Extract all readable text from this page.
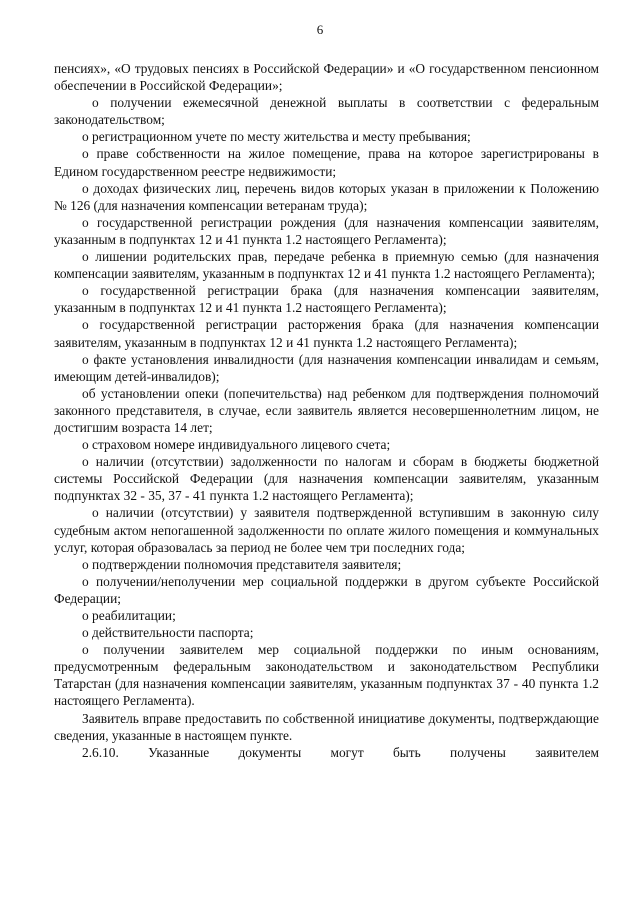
6

пенсиях», «О трудовых пенсиях в Российской Федерации» и «О государственном пенсионном обеспечении в Российской Федерации»;

о получении ежемесячной денежной выплаты в соответствии с федеральным законодательством;

о регистрационном учете по месту жительства и месту пребывания;

о праве собственности на жилое помещение, права на которое зарегистрированы в Едином государственном реестре недвижимости;

о доходах физических лиц, перечень видов которых указан в приложении к Положению № 126 (для назначения компенсации ветеранам труда);

о государственной регистрации рождения (для назначения компенсации заявителям, указанным в подпунктах 12 и 41 пункта 1.2 настоящего Регламента);

о лишении родительских прав, передаче ребенка в приемную семью (для назначения компенсации заявителям, указанным в подпунктах 12 и 41 пункта 1.2 настоящего Регламента);

о государственной регистрации брака (для назначения компенсации заявителям, указанным в подпунктах 12 и 41 пункта 1.2 настоящего Регламента);

о государственной регистрации расторжения брака (для назначения компенсации заявителям, указанным в подпунктах 12 и 41 пункта 1.2 настоящего Регламента);

о факте установления инвалидности (для назначения компенсации инвалидам и семьям, имеющим детей-инвалидов);

об установлении опеки (попечительства) над ребенком для подтверждения полномочий законного представителя, в случае, если заявитель является несовершеннолетним лицом, не достигшим возраста 14 лет;

о страховом номере индивидуального лицевого счета;

о наличии (отсутствии) задолженности по налогам и сборам в бюджеты бюджетной системы Российской Федерации (для назначения компенсации заявителям, указанным подпунктах 32 - 35, 37 - 41 пункта 1.2 настоящего Регламента);

о наличии (отсутствии) у заявителя подтвержденной вступившим в законную силу судебным актом непогашенной задолженности по оплате жилого помещения и коммунальных услуг, которая образовалась за период не более чем три последних года;

о подтверждении полномочия представителя заявителя;

о получении/неполучении мер социальной поддержки в другом субъекте Российской Федерации;

о реабилитации;

о действительности паспорта;

о получении заявителем мер социальной поддержки по иным основаниям, предусмотренным федеральным законодательством и законодательством Республики Татарстан (для назначения компенсации заявителям, указанным подпунктах 37 - 40 пункта 1.2 настоящего Регламента).

Заявитель вправе предоставить по собственной инициативе документы, подтверждающие сведения, указанные в настоящем пункте.

2.6.10. Указанные документы могут быть получены заявителем
